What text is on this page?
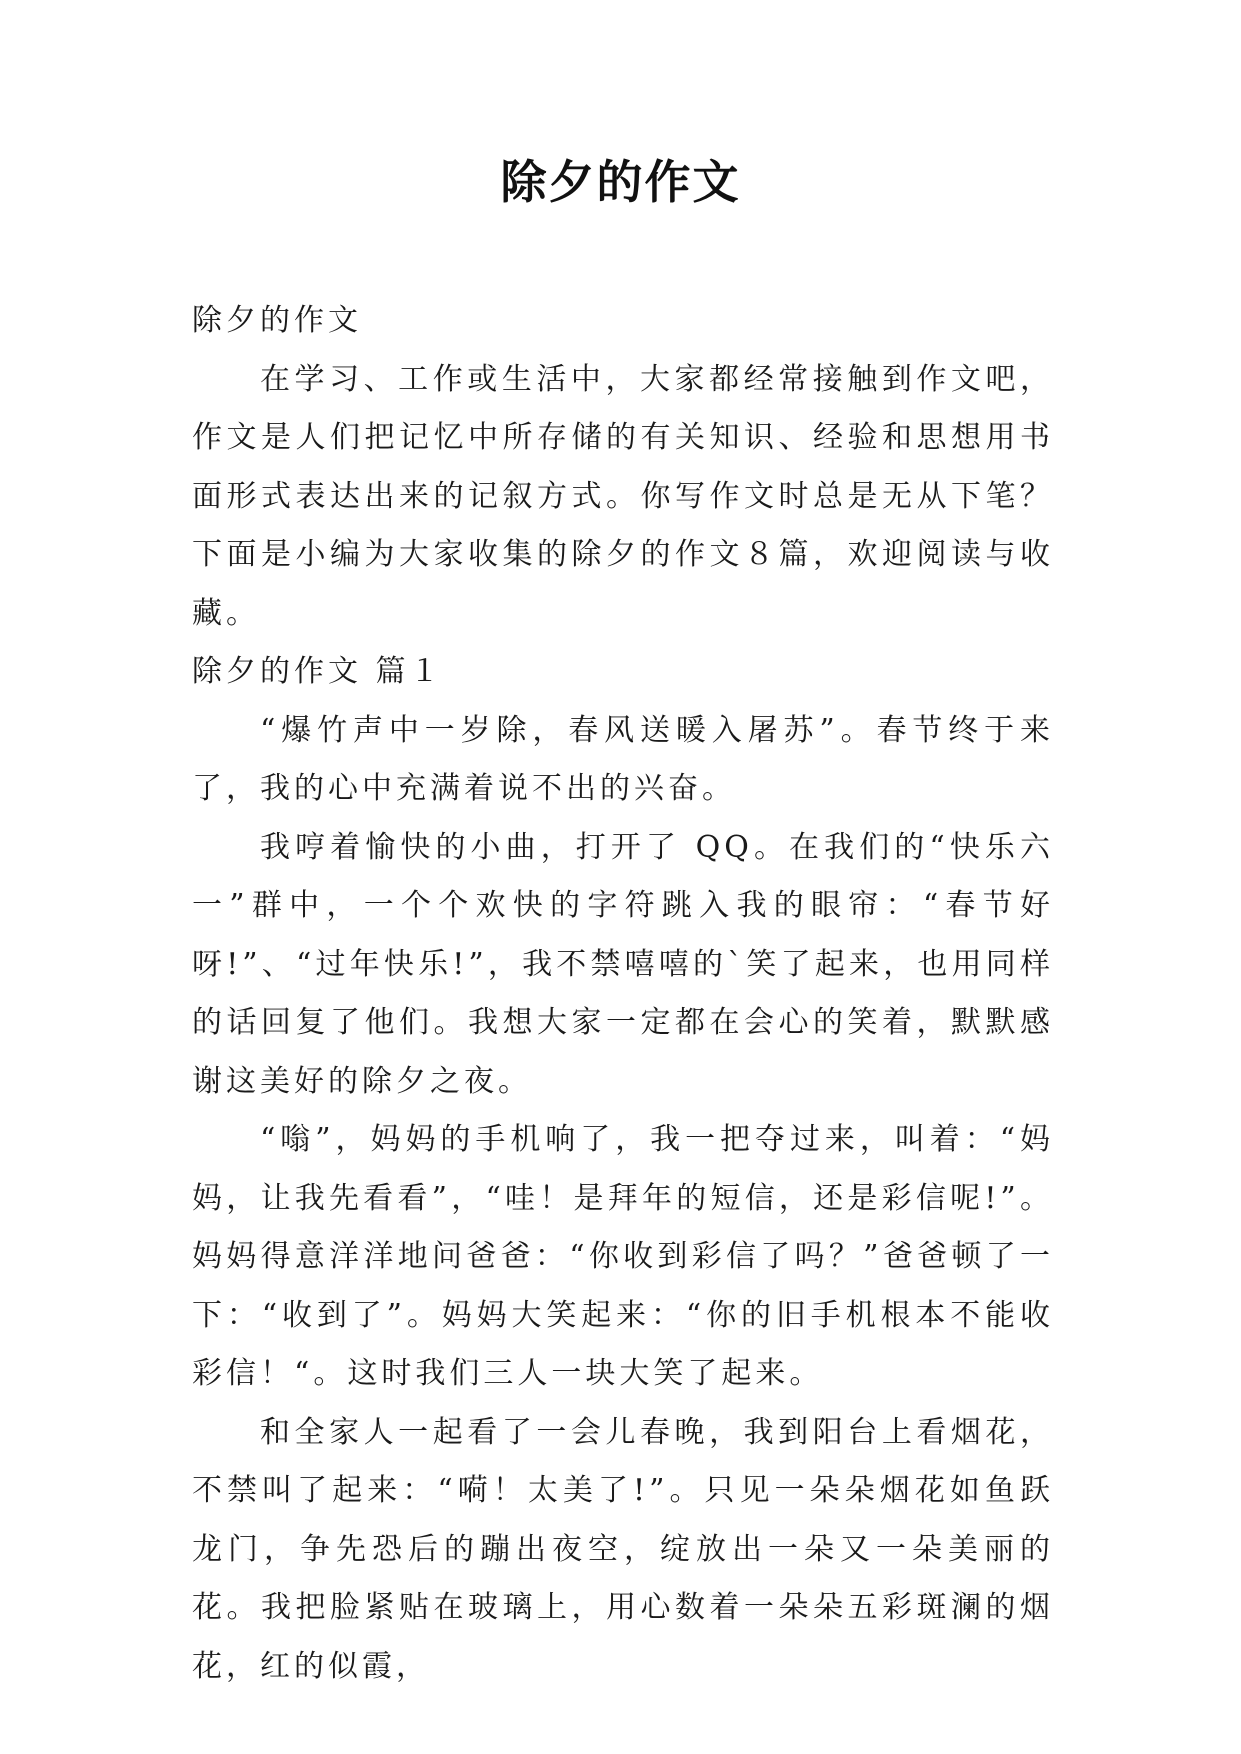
除夕的作文

除夕的作文

在学习、工作或生活中，大家都经常接触到作文吧，作文是人们把记忆中所存储的有关知识、经验和思想用书面形式表达出来的记叙方式。你写作文时总是无从下笔？下面是小编为大家收集的除夕的作文８篇，欢迎阅读与收藏。

除夕的作文 篇１

“爆竹声中一岁除，春风送暖入屠苏”。春节终于来了，我的心中充满着说不出的兴奋。

我哼着愉快的小曲，打开了 QQ。在我们的“快乐六一”群中，一个个欢快的字符跳入我的眼帘：“春节好呀!”、“过年快乐!”，我不禁嘻嘻的`笑了起来，也用同样的话回复了他们。我想大家一定都在会心的笑着，默默感谢这美好的除夕之夜。

“嗡”，妈妈的手机响了，我一把夺过来，叫着：“妈妈，让我先看看”，“哇！是拜年的短信，还是彩信呢!”。妈妈得意洋洋地问爸爸：“你收到彩信了吗？”爸爸顿了一下：“收到了”。妈妈大笑起来：“你的旧手机根本不能收彩信！“。这时我们三人一块大笑了起来。

和全家人一起看了一会儿春晚，我到阳台上看烟花，不禁叫了起来：“嗬！太美了!”。只见一朵朵烟花如鱼跃龙门，争先恐后的蹦出夜空，绽放出一朵又一朵美丽的花。我把脸紧贴在玻璃上，用心数着一朵朵五彩斑澜的烟花，红的似霞，
